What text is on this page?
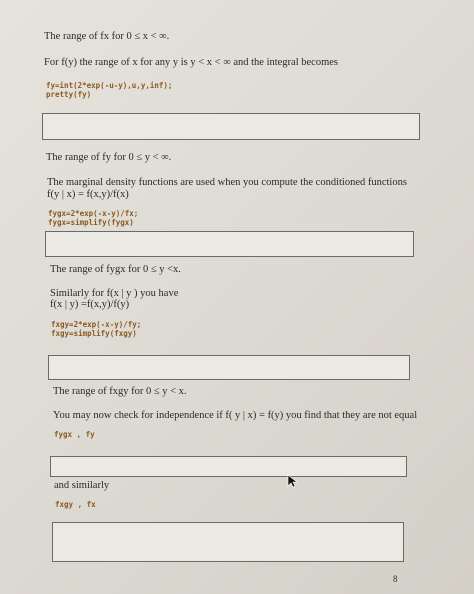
The range of fx for 0 ≤ x < ∞.
For f(y) the range of x for any y is y < x < ∞ and the integral becomes
fy=int(2*exp(-u-y),u,y,inf);
pretty(fy)
The range of fy for 0 ≤ y < ∞.
The marginal density functions are used when you compute the conditioned functions
f(y | x) = f(x,y)/f(x)
fygx=2*exp(-x-y)/fx;
fygx=simplify(fygx)
The range of fygx for 0 ≤ y <x.
Similarly for f(x | y ) you have
f(x | y) =f(x,y)/f(y)
fxgy=2*exp(-x-y)/fy;
fxgy=simplify(fxgy)
The range of fxgy for 0 ≤ y < x.
You may now check for independence if f( y | x) = f(y) you find that they are not equal
fygx , fy
and similarly
fxgy , fx
8
